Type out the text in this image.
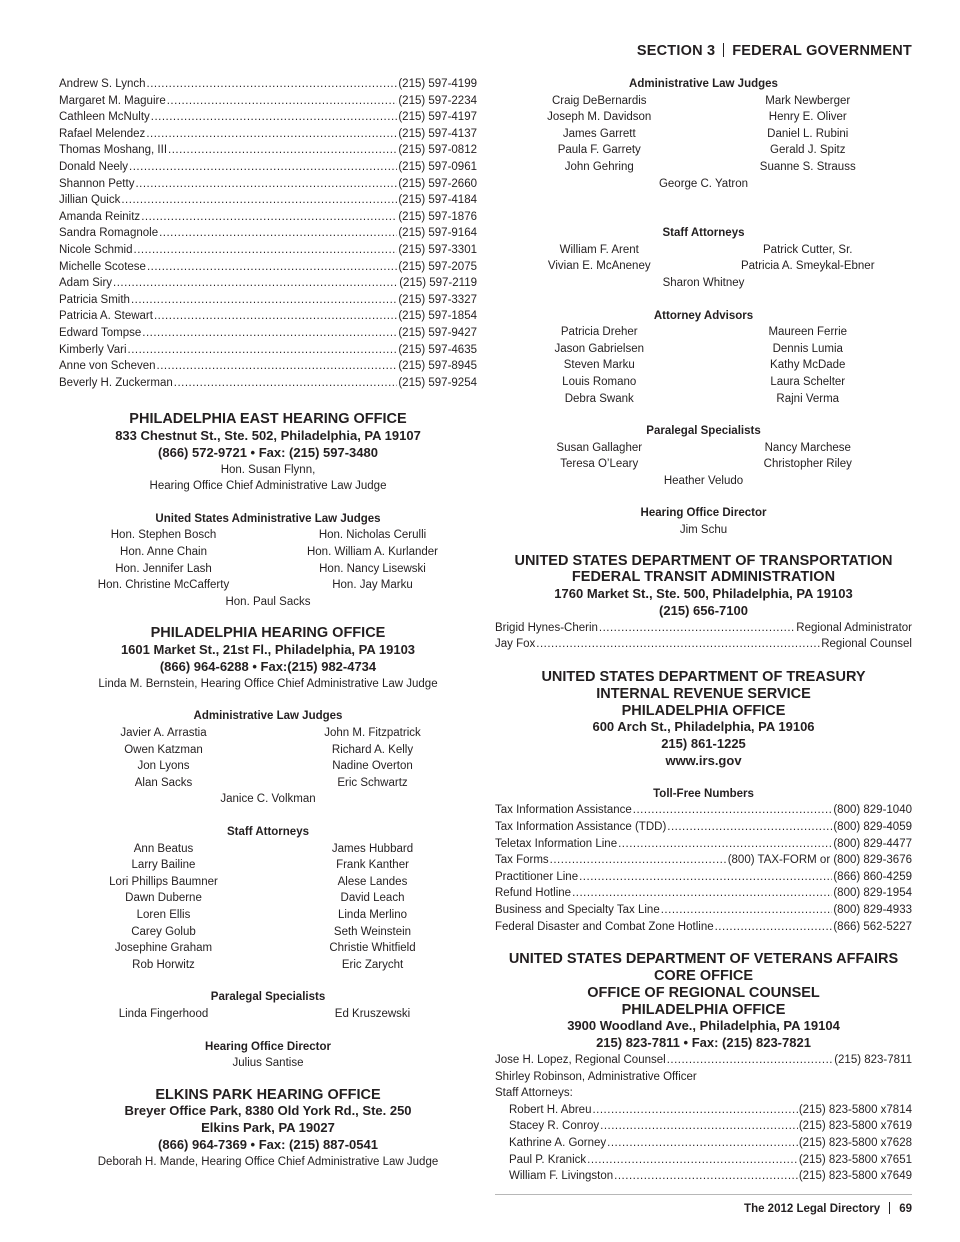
SECTION 3 FEDERAL GOVERNMENT
Andrew S. Lynch .....	(215) 597-4199
Margaret M. Maguire .....	(215) 597-2234
Cathleen McNulty .....	(215) 597-4197
Rafael Melendez .....	(215) 597-4137
Thomas Moshang, III .....	(215) 597-0812
Donald Neely .....	(215) 597-0961
Shannon Petty .....	(215) 597-2660
Jillian Quick .....	(215) 597-4184
Amanda Reinitz .....	(215) 597-1876
Sandra Romagnole .....	(215) 597-9164
Nicole Schmid .....	(215) 597-3301
Michelle Scotese .....	(215) 597-2075
Adam Siry .....	(215) 597-2119
Patricia Smith .....	(215) 597-3327
Patricia A. Stewart .....	(215) 597-1854
Edward Tompse .....	(215) 597-9427
Kimberly Vari .....	(215) 597-4635
Anne von Scheven .....	(215) 597-8945
Beverly H. Zuckerman .....	(215) 597-9254
PHILADELPHIA EAST HEARING OFFICE
833 Chestnut St., Ste. 502, Philadelphia, PA 19107
(866) 572-9721 • Fax: (215) 597-3480
Hon. Susan Flynn,
Hearing Office Chief Administrative Law Judge
United States Administrative Law Judges
Hon. Stephen Bosch	Hon. Nicholas Cerulli
Hon. Anne Chain	Hon. William A. Kurlander
Hon. Jennifer Lash	Hon. Nancy Lisewski
Hon. Christine McCafferty	Hon. Jay Marku
Hon. Paul Sacks
PHILADELPHIA HEARING OFFICE
1601 Market St., 21st Fl., Philadelphia, PA 19103
(866) 964-6288 • Fax:(215) 982-4734
Linda M. Bernstein, Hearing Office Chief Administrative Law Judge
Administrative Law Judges
Javier A. Arrastia	John M. Fitzpatrick
Owen Katzman	Richard A. Kelly
Jon Lyons	Nadine Overton
Alan Sacks	Eric Schwartz
Janice C. Volkman
Staff Attorneys
Ann Beatus	James Hubbard
Larry Bailine	Frank Kanther
Lori Phillips Baumner	Alese Landes
Dawn Duberne	David Leach
Loren Ellis	Linda Merlino
Carey Golub	Seth Weinstein
Josephine Graham	Christie Whitfield
Rob Horwitz	Eric Zarycht
Paralegal Specialists
Linda Fingerhood	Ed Kruszewski
Hearing Office Director
Julius Santise
ELKINS PARK HEARING OFFICE
Breyer Office Park, 8380 Old York Rd., Ste. 250
Elkins Park, PA 19027
(866) 964-7369 • Fax: (215) 887-0541
Deborah H. Mande, Hearing Office Chief Administrative Law Judge
Administrative Law Judges
Craig DeBernardis	Mark Newberger
Joseph M. Davidson	Henry E. Oliver
James Garrett	Daniel L. Rubini
Paula F. Garrety	Gerald J. Spitz
John Gehring	Suanne S. Strauss
George C. Yatron
Staff Attorneys
William F. Arent	Patrick Cutter, Sr.
Vivian E. McAneney	Patricia A. Smeykal-Ebner
Sharon Whitney
Attorney Advisors
Patricia Dreher	Maureen Ferrie
Jason Gabrielsen	Dennis Lumia
Steven Marku	Kathy McDade
Louis Romano	Laura Schelter
Debra Swank	Rajni Verma
Paralegal Specialists
Susan Gallagher	Nancy Marchese
Teresa O’Leary	Christopher Riley
Heather Veludo
Hearing Office Director
Jim Schu
UNITED STATES DEPARTMENT OF TRANSPORTATION
FEDERAL TRANSIT ADMINISTRATION
1760 Market St., Ste. 500, Philadelphia, PA 19103
(215) 656-7100
Brigid Hynes-Cherin .....	Regional Administrator
Jay Fox .....	Regional Counsel
UNITED STATES DEPARTMENT OF TREASURY
INTERNAL REVENUE SERVICE
PHILADELPHIA OFFICE
600 Arch St., Philadelphia, PA 19106
215) 861-1225
www.irs.gov
Toll-Free Numbers
Tax Information Assistance .....	(800) 829-1040
Tax Information Assistance (TDD) .....	(800) 829-4059
Teletax Information Line .....	(800) 829-4477
Tax Forms .....	(800) TAX-FORM or (800) 829-3676
Practitioner Line .....	(866) 860-4259
Refund Hotline .....	(800) 829-1954
Business and Specialty Tax Line .....	(800) 829-4933
Federal Disaster and Combat Zone Hotline .....	(866) 562-5227
UNITED STATES DEPARTMENT OF VETERANS AFFAIRS
CORE OFFICE
OFFICE OF REGIONAL COUNSEL
PHILADELPHIA OFFICE
3900 Woodland Ave., Philadelphia, PA 19104
215) 823-7811 • Fax: (215) 823-7821
Jose H. Lopez, Regional Counsel .....	(215) 823-7811
Shirley Robinson, Administrative Officer
Staff Attorneys:
Robert H. Abreu .....	(215) 823-5800 x7814
Stacey R. Conroy .....	(215) 823-5800 x7619
Kathrine A. Gorney .....	(215) 823-5800 x7628
Paul P. Kranick .....	(215) 823-5800 x7651
William F. Livingston .....	(215) 823-5800 x7649
The 2012 Legal Directory 69
